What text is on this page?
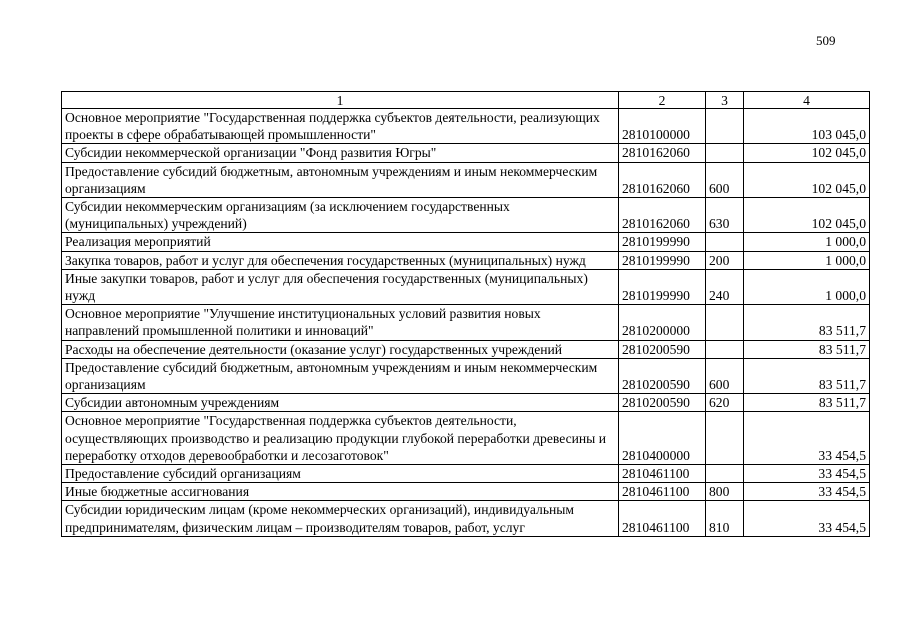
509
1	2	3	4
Основное мероприятие "Государственная поддержка субъектов деятельности, реализующих проекты в сфере обрабатывающей промышленности"	2810100000		103 045,0
Субсидии некоммерческой организации "Фонд развития Югры"	2810162060		102 045,0
Предоставление субсидий бюджетным, автономным учреждениям и иным некоммерческим организациям	2810162060	600	102 045,0
Субсидии некоммерческим организациям (за исключением государственных (муниципальных) учреждений)	2810162060	630	102 045,0
Реализация мероприятий	2810199990		1 000,0
Закупка товаров, работ и услуг для обеспечения государственных (муниципальных) нужд	2810199990	200	1 000,0
Иные закупки товаров, работ и услуг для обеспечения государственных (муниципальных) нужд	2810199990	240	1 000,0
Основное мероприятие "Улучшение институциональных условий развития новых направлений промышленной политики и инноваций"	2810200000		83 511,7
Расходы на обеспечение деятельности (оказание услуг) государственных учреждений	2810200590		83 511,7
Предоставление субсидий бюджетным, автономным учреждениям и иным некоммерческим организациям	2810200590	600	83 511,7
Субсидии автономным учреждениям	2810200590	620	83 511,7
Основное мероприятие "Государственная поддержка субъектов деятельности, осуществляющих производство и реализацию продукции глубокой переработки древесины и переработку отходов деревообработки и лесозаготовок"	2810400000		33 454,5
Предоставление субсидий организациям	2810461100		33 454,5
Иные бюджетные ассигнования	2810461100	800	33 454,5
Субсидии юридическим лицам (кроме некоммерческих организаций), индивидуальным предпринимателям, физическим лицам – производителям товаров, работ, услуг	2810461100	810	33 454,5
